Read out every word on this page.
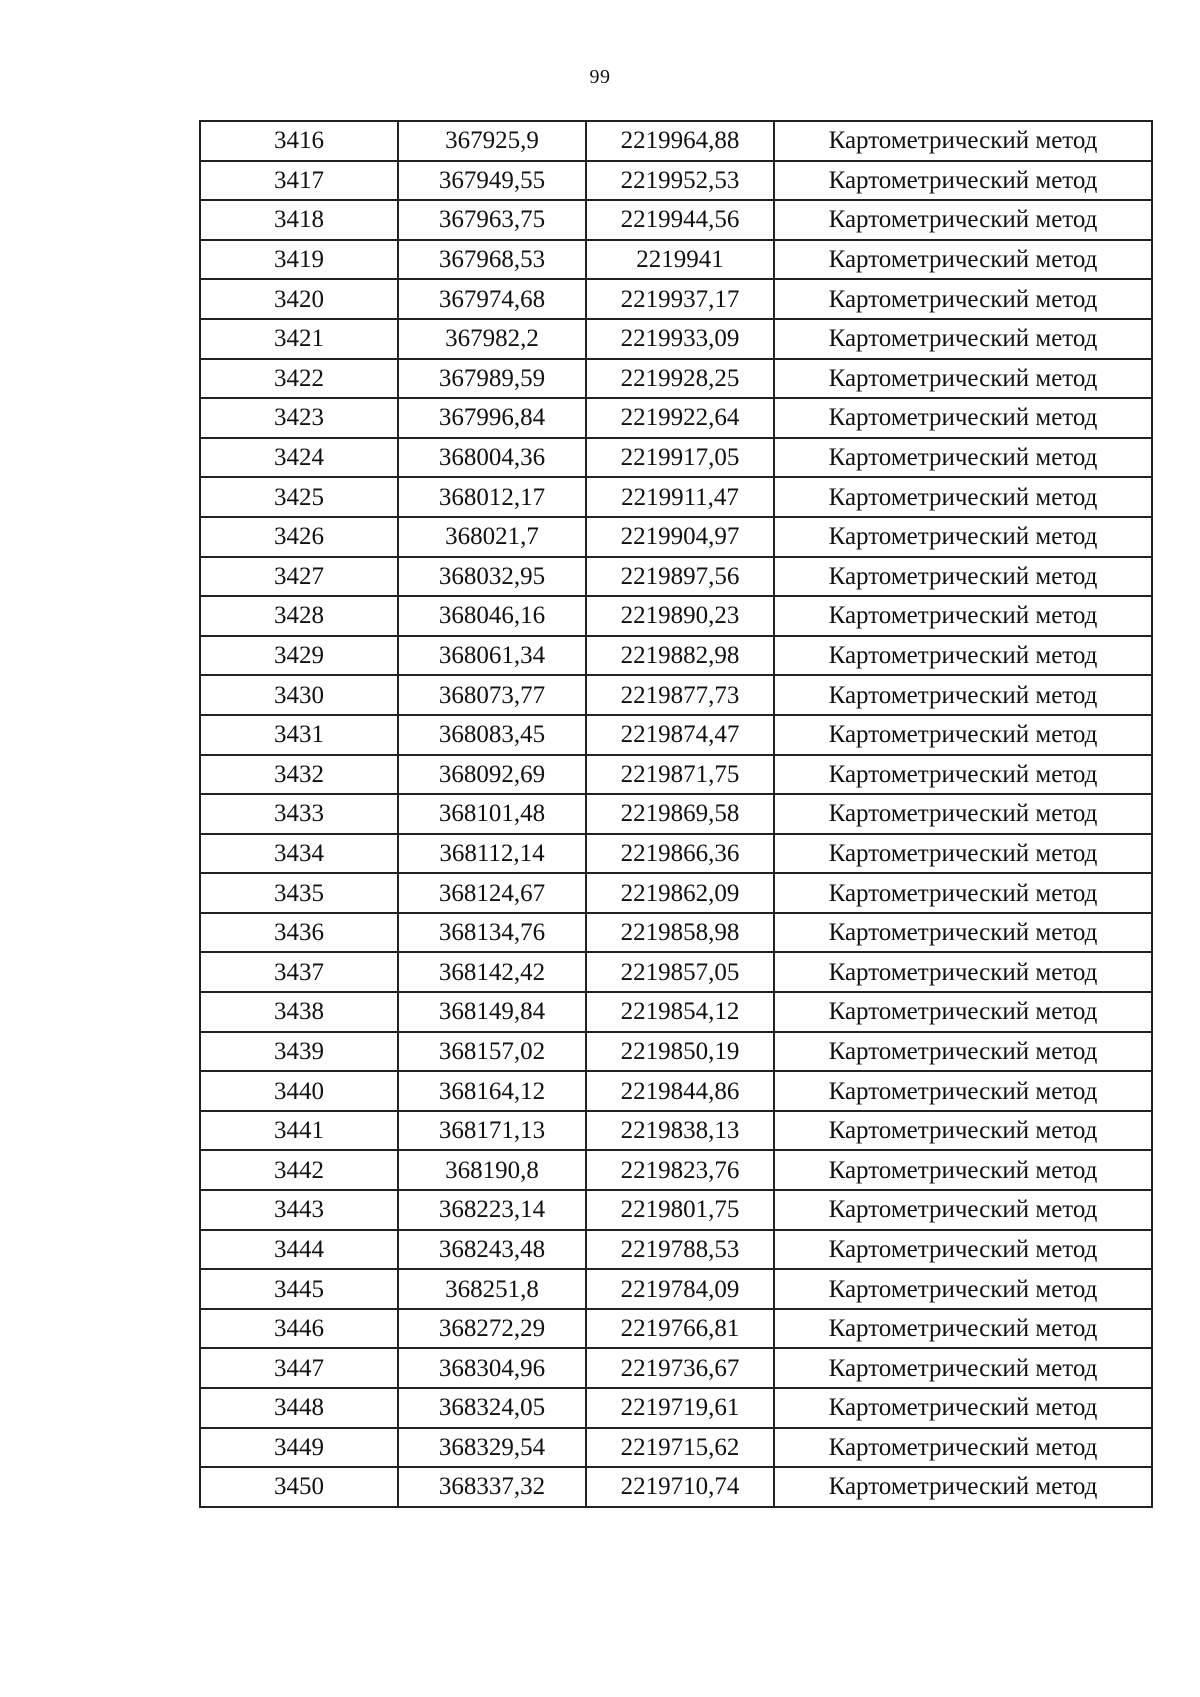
99
3416	367925,9	2219964,88	Картометрический метод
3417	367949,55	2219952,53	Картометрический метод
3418	367963,75	2219944,56	Картометрический метод
3419	367968,53	2219941	Картометрический метод
3420	367974,68	2219937,17	Картометрический метод
3421	367982,2	2219933,09	Картометрический метод
3422	367989,59	2219928,25	Картометрический метод
3423	367996,84	2219922,64	Картометрический метод
3424	368004,36	2219917,05	Картометрический метод
3425	368012,17	2219911,47	Картометрический метод
3426	368021,7	2219904,97	Картометрический метод
3427	368032,95	2219897,56	Картометрический метод
3428	368046,16	2219890,23	Картометрический метод
3429	368061,34	2219882,98	Картометрический метод
3430	368073,77	2219877,73	Картометрический метод
3431	368083,45	2219874,47	Картометрический метод
3432	368092,69	2219871,75	Картометрический метод
3433	368101,48	2219869,58	Картометрический метод
3434	368112,14	2219866,36	Картометрический метод
3435	368124,67	2219862,09	Картометрический метод
3436	368134,76	2219858,98	Картометрический метод
3437	368142,42	2219857,05	Картометрический метод
3438	368149,84	2219854,12	Картометрический метод
3439	368157,02	2219850,19	Картометрический метод
3440	368164,12	2219844,86	Картометрический метод
3441	368171,13	2219838,13	Картометрический метод
3442	368190,8	2219823,76	Картометрический метод
3443	368223,14	2219801,75	Картометрический метод
3444	368243,48	2219788,53	Картометрический метод
3445	368251,8	2219784,09	Картометрический метод
3446	368272,29	2219766,81	Картометрический метод
3447	368304,96	2219736,67	Картометрический метод
3448	368324,05	2219719,61	Картометрический метод
3449	368329,54	2219715,62	Картометрический метод
3450	368337,32	2219710,74	Картометрический метод
